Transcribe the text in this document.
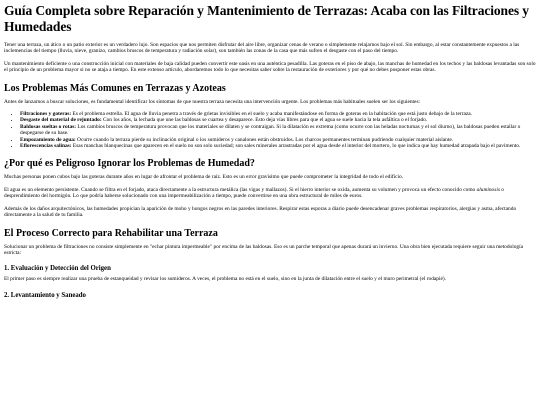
Guía Completa sobre Reparación y Mantenimiento de Terrazas: Acaba con las Filtraciones y Humedades

Tener una terraza, un ático o un patio exterior es un verdadero lujo. Son espacios que nos permiten disfrutar del aire libre, organizar cenas de verano o simplemente relajarnos bajo el sol. Sin embargo, al estar constantemente expuestos a las inclemencias del tiempo (lluvia, nieve, granizo, cambios bruscos de temperatura y radiación solar), son también las zonas de la casa que más sufren el desgaste con el paso del tiempo.

Un mantenimiento deficiente o una construcción inicial con materiales de baja calidad pueden convertir este oasis en una auténtica pesadilla. Las goteras en el piso de abajo, las manchas de humedad en los techos y las baldosas levantadas son solo el principio de un problema mayor si no se ataja a tiempo. En este extenso artículo, abordaremos todo lo que necesitas saber sobre la restauración de exteriores y por qué no debes posponer estas obras.

Los Problemas Más Comunes en Terrazas y Azoteas

Antes de lanzarnos a buscar soluciones, es fundamental identificar los síntomas de que nuestra terraza necesita una intervención urgente. Los problemas más habituales suelen ser los siguientes:

• Filtraciones y goteras: Es el problema estrella. El agua de lluvia penetra a través de grietas invisibles en el suelo y acaba manifestándose en forma de goteras en la habitación que está justo debajo de la terraza.
• Desgaste del material de rejuntado: Con los años, la lechada que une las baldosas se cuartea y desaparece. Esto deja vías libres para que el agua se suele hacia la tela asfáltica o el forjado.
• Baldosas sueltas o rotas: Los cambios bruscos de temperatura provocan que los materiales se dilaten y se contraigan. Si la dilatación es extrema (como ocurre con las heladas nocturnas y el sol diurno), las baldosas pueden estallar o despegarse de su base.
• Empozamiento de agua: Ocurre cuando la terraza pierde su inclinación original o los sumideros y canalones están obstruidos. Los charcos permanentes terminan pudriendo cualquier material aislante.
• Eflorescencias salinas: Esas manchas blanquecinas que aparecen en el suelo no son solo suciedad; son sales minerales arrastradas por el agua desde el interior del mortero, lo que indica que hay humedad atrapada bajo el pavimento.
¿Por qué es Peligroso Ignorar los Problemas de Humedad?

Muchas personas ponen cubos bajo las goteras durante años en lugar de afrontar el problema de raíz. Esto es un error gravísimo que puede comprometer la integridad de todo el edificio.

El agua es un elemento persistente. Cuando se filtra en el forjado, ataca directamente a la estructura metálica (las vigas y mallazos). Si el hierro interior se oxida, aumenta su volumen y provoca un efecto conocido como aluminosis o desprendimiento del hormigón. Lo que podría haberse solucionado con una impermeabilización a tiempo, puede convertirse en una obra estructural de miles de euros.

Además de los daños arquitectónicos, las humedades propician la aparición de moho y hongos negros en las paredes interiores. Respirar estas esporas a diario puede desencadenar graves problemas respiratorios, alergias y asma, afectando directamente a la salud de tu familia.

El Proceso Correcto para Rehabilitar una Terraza

Solucionar un problema de filtraciones no consiste simplemente en "echar pintura impermeable" por encima de las baldosas. Eso es un parche temporal que apenas durará un invierno. Una obra bien ejecutada requiere seguir una metodología estricta:

1. Evaluación y Detección del Origen

El primer paso es siempre realizar una prueba de estanqueidad y revisar los sumideros. A veces, el problema no está en el suelo, sino en la junta de dilatación entre el suelo y el muro perimetral (el rodapié).

2. Levantamiento y Saneado
